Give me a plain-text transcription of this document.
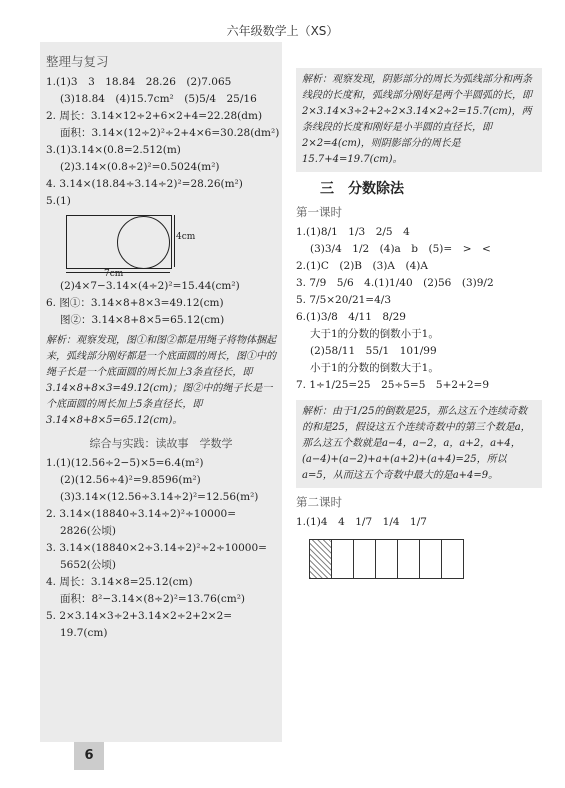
六年级数学上（XS）
整理与复习
1.(1)3　3　18.84　28.26　(2)7.065
(3)18.84　(4)15.7cm²　(5)5/4　25/16
2. 周长：3.14×12÷2+6×2+4=22.28(dm)
面积：3.14×(12÷2)²÷2+4×6=30.28(dm²)
3.(1)3.14×(0.8=2.512(m)
(2)3.14×(0.8÷2)²=0.5024(m²)
4. 3.14×(18.84÷3.14÷2)²=28.26(m²)
5.(1)
4cm
7cm
(2)4×7−3.14×(4÷2)²=15.44(cm²)
6. 图①：3.14×8+8×3=49.12(cm)
图②：3.14×8+8×5=65.12(cm)
解析：观察发现，图①和图②都是用绳子将物体捆起来，弧线部分刚好都是一个底面圆的周长，图①中的绳子长是一个底面圆的周长加上3条直径长，即3.14×8+8×3=49.12(cm)；图②中的绳子长是一个底面圆的周长加上5条直径长，即3.14×8+8×5=65.12(cm)。
综合与实践：读故事　学数学
1.(1)(12.56÷2−5)×5=6.4(m²)
(2)(12.56÷4)²=9.8596(m²)
(3)3.14×(12.56÷3.14÷2)²=12.56(m²)
2. 3.14×(18840÷3.14÷2)²÷10000=
2826(公顷)
3. 3.14×(18840×2÷3.14÷2)²÷2÷10000=
5652(公顷)
4. 周长：3.14×8=25.12(cm)
面积：8²−3.14×(8÷2)²=13.76(cm²)
5. 2×3.14×3÷2+3.14×2÷2+2×2=
19.7(cm)
解析：观察发现，阴影部分的周长为弧线部分和两条线段的长度和，弧线部分刚好是两个半圆弧的长，即2×3.14×3÷2+2÷2×3.14×2÷2=15.7(cm)，两条线段的长度和刚好是小半圆的直径长，即2×2=4(cm)，则阴影部分的周长是15.7+4=19.7(cm)。
三　分数除法
第一课时
1.(1)8/1　1/3　2/5　4
(3)3/4　1/2　(4)a　b　(5)=　>　<
2.(1)C　(2)B　(3)A　(4)A
3. 7/9　5/6　4.(1)1/40　(2)56　(3)9/2
5. 7/5×20/21=4/3
6.(1)3/8　4/11　8/29
大于1的分数的倒数小于1。
(2)58/11　55/1　101/99
小于1的分数的倒数大于1。
7. 1÷1/25=25　25÷5=5　5+2+2=9
解析：由于1/25的倒数是25，那么这五个连续奇数的和是25，假设这五个连续奇数中的第三个数是a，那么这五个数就是a−4，a−2，a，a+2，a+4，(a−4)+(a−2)+a+(a+2)+(a+4)=25，所以a=5，从而这五个奇数中最大的是a+4=9。
第二课时
1.(1)4　4　1/7　1/4　1/7
6
